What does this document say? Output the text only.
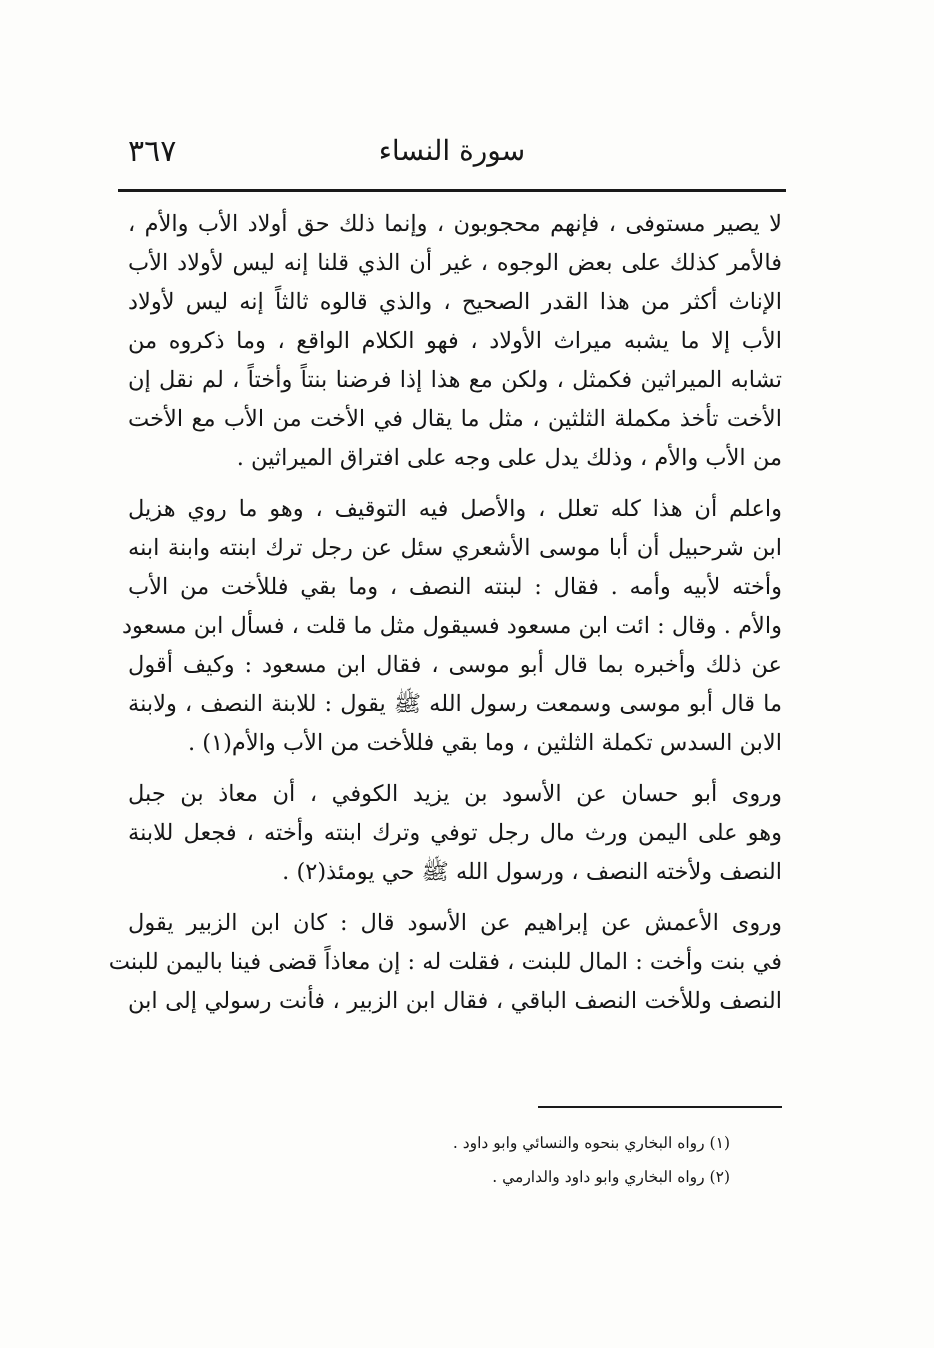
٣٦٧	سورة النساء
لا يصير مستوفى ، فإنهم محجوبون ، وإنما ذلك حق أولاد الأب والأم ،
فالأمر كذلك على بعض الوجوه ، غير أن الذي قلنا إنه ليس لأولاد الأب
الإناث أكثر من هذا القدر الصحيح ، والذي قالوه ثالثاً إنه ليس لأولاد
الأب إلا ما يشبه ميراث الأولاد ، فهو الكلام الواقع ، وما ذكروه من
تشابه الميراثين فكمثل ، ولكن مع هذا إذا فرضنا بنتاً وأختاً ، لم نقل إن
الأخت تأخذ مكملة الثلثين ، مثل ما يقال في الأخت من الأب مع الأخت
من الأب والأم ، وذلك يدل على وجه على افتراق الميراثين .
واعلم أن هذا كله تعلل ، والأصل فيه التوقيف ، وهو ما روي هزيل
ابن شرحبيل أن أبا موسى الأشعري سئل عن رجل ترك ابنته وابنة ابنه
وأخته لأبيه وأمه . فقال : لبنته النصف ، وما بقي فللأخت من الأب
والأم . وقال : ائت ابن مسعود فسيقول مثل ما قلت ، فسأل ابن مسعود
عن ذلك وأخبره بما قال أبو موسى ، فقال ابن مسعود : وكيف أقول
ما قال أبو موسى وسمعت رسول الله ﷺ يقول : للابنة النصف ، ولابنة
الابن السدس تكملة الثلثين ، وما بقي فللأخت من الأب والأم(١) .
وروى أبو حسان عن الأسود بن يزيد الكوفي ، أن معاذ بن جبل
وهو على اليمن ورث مال رجل توفي وترك ابنته وأخته ، فجعل للابنة
النصف ولأخته النصف ، ورسول الله ﷺ حي يومئذ(٢) .
وروى الأعمش عن إبراهيم عن الأسود قال : كان ابن الزبير يقول
في بنت وأخت : المال للبنت ، فقلت له : إن معاذاً قضى فينا باليمن للبنت
النصف وللأخت النصف الباقي ، فقال ابن الزبير ، فأنت رسولي إلى ابن
(١) رواه البخاري بنحوه والنسائي وابو داود .
(٢) رواه البخاري وابو داود والدارمي .
